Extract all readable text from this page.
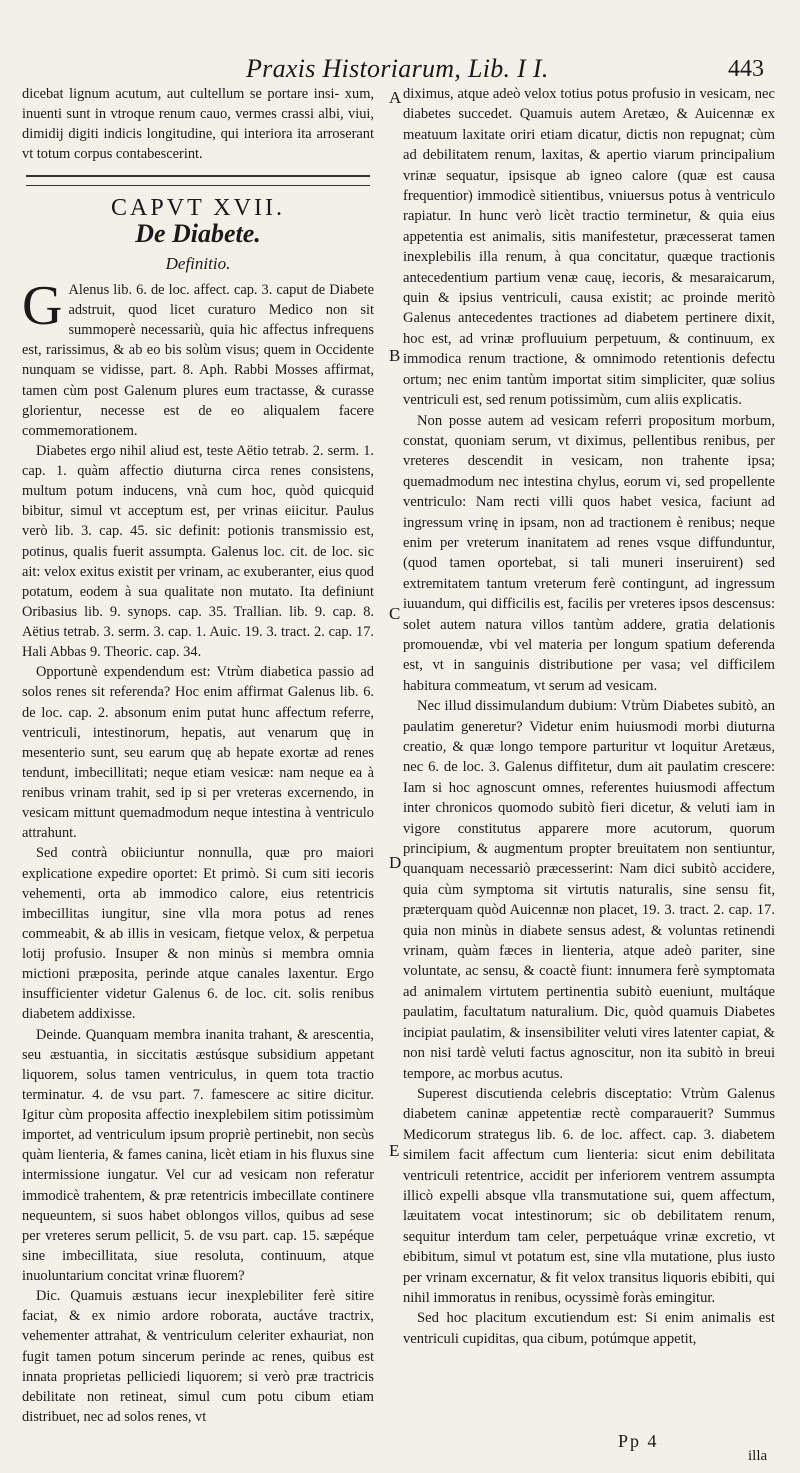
Praxis Historiarum, Lib. I I.	443

dicebat lignum acutum, aut cultellum se portare insi- xum, inuenti sunt in vtroque renum cauo, vermes crassi albi, viui, dimidij digiti indicis longitudine, qui interiora ita arroserant vt totum corpus contabescerint.

CAPVT XVII.
De Diabete.
Definitio.

G Alenus lib. 6. de loc. affect. cap. 3. caput de Diabete adstruit, quod licet curaturo Medico non sit summoperè necessariù, quia hic affectus infrequens est, rarissimus, & ab eo bis solùm visus; quem in Occidente nunquam se vidisse, part. 8. Aph. Rabbi Mosses affirmat, tamen cùm post Galenum plures eum tractasse, & curasse glorientur, necesse est de eo aliqualem facere commemorationem.

Diabetes ergo nihil aliud est, teste Aëtio tetrab. 2. serm. 1. cap. 1. quàm affectio diuturna circa renes consistens, multum potum inducens, vnà cum hoc, quòd quicquid bibitur, simul vt acceptum est, per vrinas eiicitur. Paulus verò lib. 3. cap. 45. sic definit: potionis transmissio est, potinus, qualis fuerit assumpta. Galenus loc. cit. de loc. sic ait: velox exitus existit per vrinam, ac exuberanter, eius quod potatum, eodem à sua qualitate non mutato. Ita definiunt Oribasius lib. 9. synops. cap. 35. Trallian. lib. 9. cap. 8. Aëtius tetrab. 3. serm. 3. cap. 1. Auic. 19. 3. tract. 2. cap. 17. Hali Abbas 9. Theoric. cap. 34.

Opportunè expendendum est: Vtrùm diabetica passio ad solos renes sit referenda? Hoc enim affirmat Galenus lib. 6. de loc. cap. 2. absonum enim putat hunc affectum referre, ventriculi, intestinorum, hepatis, aut venarum quę in mesenterio sunt, seu earum quę ab hepate exortæ ad renes tendunt, imbecillitati; neque etiam vesicæ: nam neque ea à renibus vrinam trahit, sed ip si per vreteras excernendo, in vesicam mittunt quemadmodum neque intestina à ventriculo attrahunt.

Sed contrà obiiciuntur nonnulla, quæ pro maiori explicatione expedire oportet: Et primò. Si cum siti iecoris vehementi, orta ab immodico calore, eius retentricis imbecillitas iungitur, sine vlla mora potus ad renes commeabit, & ab illis in vesicam, fietque velox, & perpetua lotij profusio. Insuper & non minùs si membra omnia mictioni præposita, perinde atque canales laxentur. Ergo insufficienter videtur Galenus 6. de loc. cit. solis renibus diabetem addixisse.

Deinde. Quanquam membra inanita trahant, & arescentia, seu æstuantia, in siccitatis æstúsque subsidium appetant liquorem, solus tamen ventriculus, in quem tota tractio terminatur. 4. de vsu part. 7. famescere ac sitire dicitur. Igitur cùm proposita affectio inexplebilem sitim potissimùm importet, ad ventriculum ipsum propriè pertinebit, non secùs quàm lienteria, & fames canina, licèt etiam in his fluxus sine intermissione iungatur. Vel cur ad vesicam non referatur immodicè trahentem, & præ retentricis imbecillate continere nequeuntem, si suos habet oblongos villos, quibus ad sese per vreteres serum pellicit, 5. de vsu part. cap. 15. sæpéque sine imbecillitata, siue resoluta, continuum, atque inuoluntarium concitat vrinæ fluorem?

Dic. Quamuis æstuans iecur inexplebiliter ferè sitire faciat, & ex nimio ardore roborata, auctáve tractrix, vehementer attrahat, & ventriculum celeriter exhauriat, non fugit tamen potum sincerum perinde ac renes, quibus est innata proprietas pelliciedi liquorem; si verò præ tractricis debilitate non retineat, simul cum potu cibum etiam distribuet, nec ad solos renes, vt

diximus, atque adeò velox totius potus profusio in vesicam, nec diabetes succedet. Quamuis autem Aretæo, & Auicennæ ex meatuum laxitate oriri etiam dicatur, dictis non repugnat; cùm ad debilitatem renum, laxitas, & apertio viarum principalium vrinæ sequatur, ipsisque ab igneo calore (quæ est causa frequentior) immodicè sitientibus, vniuersus potus à ventriculo rapiatur. In hunc verò licèt tractio terminetur, & quia eius appetentia est animalis, sitis manifestetur, præcesserat tamen inexplebilis illa renum, à qua concitatur, quæque tractionis antecedentium partium venæ cauę, iecoris, & mesaraicarum, quin & ipsius ventriculi, causa existit; ac proinde meritò Galenus antecedentes tractiones ad diabetem pertinere dixit, hoc est, ad vrinæ profluuium perpetuum, & continuum, ex immodica renum tractione, & omnimodo retentionis defectu ortum; nec enim tantùm importat sitim simpliciter, quæ solius ventriculi est, sed renum potissimùm, cum aliis explicatis.

Non posse autem ad vesicam referri propositum morbum, constat, quoniam serum, vt diximus, pellentibus renibus, per vreteres descendit in vesicam, non trahente ipsa; quemadmodum nec intestina chylus, eorum vi, sed propellente ventriculo: Nam recti villi quos habet vesica, faciunt ad ingressum vrinę in ipsam, non ad tractionem è renibus; neque enim per vreterum inanitatem ad renes vsque diffunduntur, (quod tamen oportebat, si tali muneri inseruirent) sed extremitatem tantum vreterum ferè contingunt, ad ingressum iuuandum, qui difficilis est, facilis per vreteres ipsos descensus: solet autem natura villos tantùm addere, gratia delationis promouendæ, vbi vel materia per longum spatium deferenda est, vt in sanguinis distributione per vasa; vel difficilem habitura commeatum, vt serum ad vesicam.

Nec illud dissimulandum dubium: Vtrùm Diabetes subitò, an paulatim generetur? Videtur enim huiusmodi morbi diuturna creatio, & quæ longo tempore parturitur vt loquitur Aretæus, nec 6. de loc. 3. Galenus diffitetur, dum ait paulatim crescere: Iam si hoc agnoscunt omnes, referentes huiusmodi affectum inter chronicos quomodo subitò fieri dicetur, & veluti iam in vigore constitutus apparere more acutorum, quorum principium, & augmentum propter breuitatem non sentiuntur, quanquam necessariò præcesserint: Nam dici subitò accidere, quia cùm symptoma sit virtutis naturalis, sine sensu fit, præterquam quòd Auicennæ non placet, 19. 3. tract. 2. cap. 17. quia non minùs in diabete sensus adest, & voluntas retinendi vrinam, quàm fæces in lienteria, atque adeò pariter, sine voluntate, ac sensu, & coactè fiunt: innumera ferè symptomata ad animalem virtutem pertinentia subitò eueniunt, multáque paulatim, facultatum naturalium. Dic, quòd quamuis Diabetes incipiat paulatim, & insensibiliter veluti vires latenter capiat, & non nisi tardè veluti factus agnoscitur, non ita subitò in breui tempore, ac morbus acutus.

Superest discutienda celebris disceptatio: Vtrùm Galenus diabetem caninæ appetentiæ rectè comparauerit? Summus Medicorum strategus lib. 6. de loc. affect. cap. 3. diabetem similem facit affectum cum lienteria: sicut enim debilitata ventriculi retentrice, accidit per inferiorem ventrem assumpta illicò expelli absque vlla transmutatione sui, quem affectum, læuitatem vocat intestinorum; sic ob debilitatem renum, sequitur interdum tam celer, perpetuáque vrinæ excretio, vt ebibitum, simul vt potatum est, sine vlla mutatione, plus iusto per vrinam excernatur, & fit velox transitus liquoris ebibiti, qui nihil immoratus in renibus, ocyssimè foràs emingitur.

Sed hoc placitum excutiendum est: Si enim animalis est ventriculi cupiditas, qua cibum, potúmque appetit,

A
B
C
D
E
Pp 4
illa
